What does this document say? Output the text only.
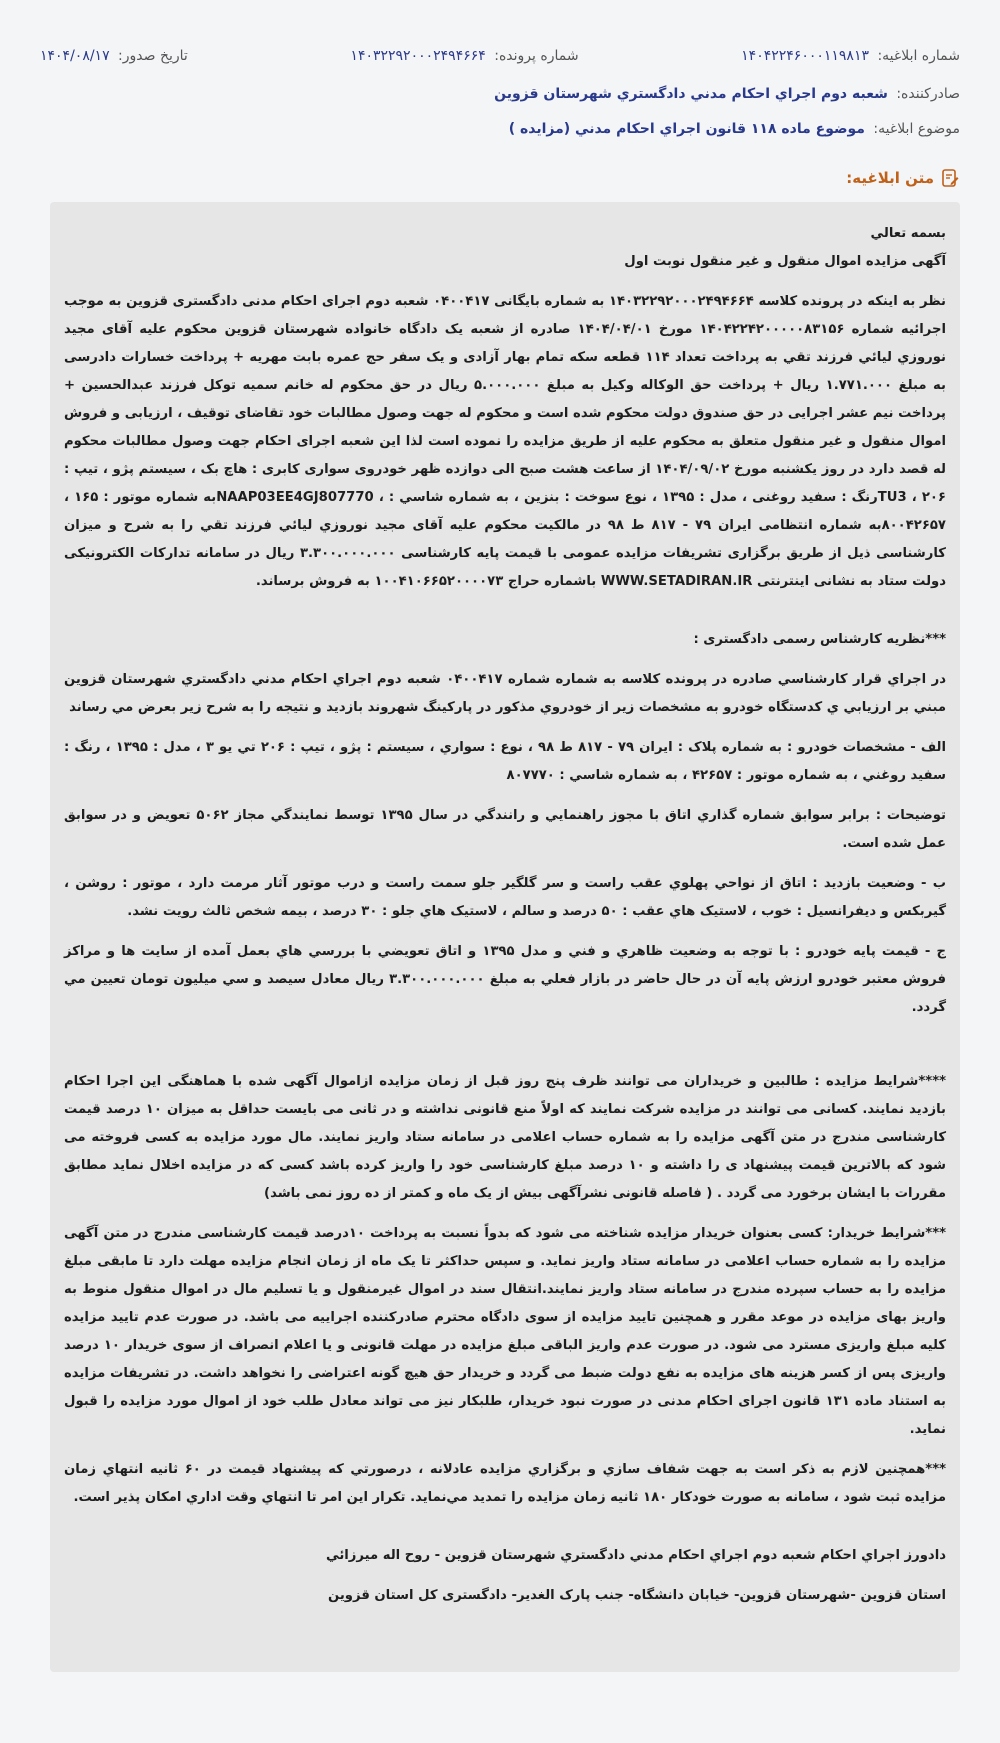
شماره ابلاغيه: ۱۴۰۴۲۲۴۶۰۰۰۱۱۹۸۱۳
شماره پرونده: ۱۴۰۳۲۲۹۲۰۰۰۲۴۹۴۶۶۴
تاريخ صدور: ۱۴۰۴/۰۸/۱۷
صادرکننده: شعبه دوم اجراي احکام مدني دادگستري شهرستان قزوين
موضوع ابلاغيه: موضوع ماده ۱۱۸ قانون اجراي احکام مدني (مزايده )
متن ابلاغيه:

بسمه تعالي

آگهی مزایده اموال منقول و غیر منقول نوبت اول

نظر به اینکه در پرونده کلاسه ۱۴۰۳۲۲۹۲۰۰۰۲۴۹۴۶۶۴ به شماره بایگانی ۰۴۰۰۴۱۷ شعبه دوم اجرای احکام مدنی دادگستری قزوین به موجب اجرائیه شماره ۱۴۰۴۲۲۴۲۰۰۰۰۰۸۳۱۵۶ مورخ ۱۴۰۴/۰۴/۰۱ صادره از شعبه یک دادگاه خانواده شهرستان قزوین محکوم علیه آقای مجید نوروزي لیائي فرزند تقي به پرداخت تعداد ۱۱۴ قطعه سکه تمام بهار آزادی و یک سفر حج عمره بابت مهریه + پرداخت خسارات دادرسی به مبلغ ۱.۷۷۱.۰۰۰ ریال + پرداخت حق الوکاله وکیل به مبلغ ۵.۰۰۰.۰۰۰ ریال در حق محکوم له خانم سمیه توکل فرزند عبدالحسین + پرداخت نیم عشر اجرایی در حق صندوق دولت محکوم شده است و محکوم له جهت وصول مطالبات خود تقاضای توقیف ، ارزیابی و فروش اموال منقول و غیر منقول متعلق به محکوم علیه از طریق مزایده را نموده است لذا این شعبه اجرای احکام جهت وصول مطالبات محکوم له قصد دارد در روز یکشنبه مورخ ۱۴۰۴/۰۹/۰۲ از ساعت هشت صبح الی دوازده ظهر خودروی سواری کابری : هاچ بک ، سیستم پژو ، تیپ : ۲۰۶ ، TU3رنگ : سفید روغنی ، مدل : ۱۳۹۵ ، نوع سوخت : بنزین ، به شماره شاسي : ، NAAP03EE4GJ807770به شماره موتور : ۱۶۵ ، ۸۰۰۴۲۶۵۷به شماره انتظامی ایران ۷۹ - ۸۱۷ ط ۹۸ در مالکیت محکوم علیه آقای مجید نوروزي لیائي فرزند تقي را به شرح و میزان کارشناسی ذیل از طریق برگزاری تشریفات مزایده عمومی با قیمت پایه کارشناسی ۳.۳۰۰.۰۰۰.۰۰۰ ریال در سامانه تدارکات الکترونیکی دولت ستاد به نشانی اینترنتی WWW.SETADIRAN.IR باشماره حراج ۱۰۰۴۱۰۶۶۵۲۰۰۰۰۷۳ به فروش برساند.

***نظریه کارشناس رسمی دادگستری :

در اجراي قرار کارشناسي صادره در پرونده کلاسه به شماره شماره ۰۴۰۰۴۱۷ شعبه دوم اجراي احکام مدني دادگستري شهرستان قزوين مبني بر ارزيابي ي کدستگاه خودرو به مشخصات زير از خودروي مذکور در پارکينگ شهروند بازديد و نتيجه را به شرح زير بعرض مي رساند

الف - مشخصات خودرو : به شماره پلاک : ايران ۷۹ - ۸۱۷ ط ۹۸ ، نوع : سواري ، سيستم : پژو ، تيپ : ۲۰۶ تي يو ۳ ، مدل : ۱۳۹۵ ، رنگ : سفيد روغني ، به شماره موتور : ۴۲۶۵۷ ، به شماره شاسي : ۸۰۷۷۷۰

توضيحات : برابر سوابق شماره گذاري اتاق با مجوز راهنمايي و رانندگي در سال ۱۳۹۵ توسط نمايندگي مجاز ۵۰۶۲ تعويض و در سوابق عمل شده است.

ب - وضعيت بازديد : اتاق از نواحي پهلوي عقب راست و سر گلگير جلو سمت راست و درب موتور آثار مرمت دارد ، موتور : روشن ، گيربکس و ديفرانسيل : خوب ، لاستيک هاي عقب : ۵۰ درصد و سالم ، لاستيک هاي جلو : ۳۰ درصد ، بيمه شخص ثالث رويت نشد.

ج - قيمت پايه خودرو : با توجه به وضعيت ظاهري و فني و مدل ۱۳۹۵ و اتاق تعويضي با بررسي هاي بعمل آمده از سايت ها و مراکز فروش معتبر خودرو ارزش پايه آن در حال حاضر در بازار فعلي به مبلغ ۳.۳۰۰.۰۰۰.۰۰۰ ريال معادل سيصد و سي ميليون تومان تعيين مي گردد.

****شرایط مزایده : طالبین و خریداران می توانند ظرف پنج روز قبل از زمان مزایده ازاموال آگهی شده با هماهنگی این اجرا احکام بازدید نمایند. کسانی می توانند در مزایده شرکت نمایند که اولاً منع قانونی نداشته و در ثانی می بایست حداقل به میزان ۱۰ درصد قیمت کارشناسی مندرج در متن آگهی مزایده را به شماره حساب اعلامی در سامانه ستاد واریز نمایند. مال مورد مزایده به کسی فروخته می شود که بالاترین قیمت پیشنهاد ی را داشته و ۱۰ درصد مبلغ کارشناسی خود را واریز کرده باشد کسی که در مزایده اخلال نماید مطابق مقررات با ایشان برخورد می گردد . ( فاصله قانونی نشرآگهی بیش از یک ماه و کمتر از ده روز نمی باشد)

***شرایط خریدار: کسی بعنوان خریدار مزایده شناخته می شود که بدواً نسبت به پرداخت ۱۰درصد قیمت کارشناسی مندرج در متن آگهی مزایده را به شماره حساب اعلامی در سامانه ستاد واریز نماید. و سپس حداکثر تا یک ماه از زمان انجام مزایده مهلت دارد تا مابقی مبلغ مزایده را به حساب سپرده مندرج در سامانه ستاد واریز نمایند.انتقال سند در اموال غیرمنقول و یا تسلیم مال در اموال منقول منوط به واریز بهای مزایده در موعد مقرر و همچنین تایید مزایده از سوی دادگاه محترم صادرکننده اجراییه می باشد. در صورت عدم تایید مزایده کلیه مبلغ واریزی مسترد می شود. در صورت عدم واریز الباقی مبلغ مزایده در مهلت قانونی و یا اعلام انصراف از سوی خریدار ۱۰ درصد واریزی پس از کسر هزینه های مزایده به نفع دولت ضبط می گردد و خریدار حق هیچ گونه اعتراضی را نخواهد داشت. در تشریفات مزایده به استناد ماده ۱۳۱ قانون اجرای احکام مدنی در صورت نبود خریدار، طلبکار نیز می تواند معادل طلب خود از اموال مورد مزایده را قبول نماید.

***همچنین لازم به ذکر است به جهت شفاف سازي و برگزاري مزايده عادلانه ، درصورتي که پيشنهاد قيمت در ۶۰ ثانيه انتهاي زمان مزايده ثبت شود ، سامانه به صورت خودکار ۱۸۰ ثانيه زمان مزايده را تمديد مي‌نمايد. تکرار اين امر تا انتهاي وقت اداري امکان پذير است.

دادورز اجراي احکام شعبه دوم اجراي احکام مدني دادگستري شهرستان قزوين - روح اله ميرزائي

استان قزوین -شهرستان قزوین- خیابان دانشگاه- جنب پارک الغدیر- دادگستری کل استان قزوین
